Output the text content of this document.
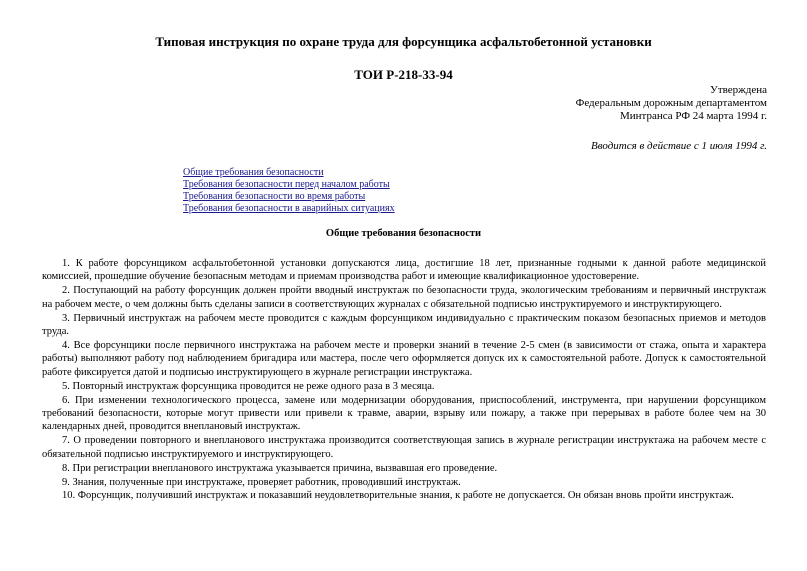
Типовая инструкция по охране труда для форсунщика асфальтобетонной установки
ТОИ Р-218-33-94
Утверждена
Федеральным дорожным департаментом
Минтранса РФ 24 марта 1994 г.
Вводится в действие с 1 июля 1994 г.
Общие требования безопасности
Требования безопасности перед началом работы
Требования безопасности во время работы
Требования безопасности в аварийных ситуациях
Общие требования безопасности

1. К работе форсунщиком асфальтобетонной установки допускаются лица, достигшие 18 лет, признанные годными к данной работе медицинской комиссией, прошедшие обучение безопасным методам и приемам производства работ и имеющие квалификационное удостоверение.

2. Поступающий на работу форсунщик должен пройти вводный инструктаж по безопасности труда, экологическим требованиям и первичный инструктаж на рабочем месте, о чем должны быть сделаны записи в соответствующих журналах с обязательной подписью инструктируемого и инструктирующего.

3. Первичный инструктаж на рабочем месте проводится с каждым форсунщиком индивидуально с практическим показом безопасных приемов и методов труда.

4. Все форсунщики после первичного инструктажа на рабочем месте и проверки знаний в течение 2-5 смен (в зависимости от стажа, опыта и характера работы) выполняют работу под наблюдением бригадира или мастера, после чего оформляется допуск их к самостоятельной работе. Допуск к самостоятельной работе фиксируется датой и подписью инструктирующего в журнале регистрации инструктажа.

5. Повторный инструктаж форсунщика проводится не реже одного раза в 3 месяца.

6. При изменении технологического процесса, замене или модернизации оборудования, приспособлений, инструмента, при нарушении форсунщиком требований безопасности, которые могут привести или привели к травме, аварии, взрыву или пожару, а также при перерывах в работе более чем на 30 календарных дней, проводится внеплановый инструктаж.

7. О проведении повторного и внепланового инструктажа производится соответствующая запись в журнале регистрации инструктажа на рабочем месте с обязательной подписью инструктируемого и инструктирующего.

8. При регистрации внепланового инструктажа указывается причина, вызвавшая его проведение.

9. Знания, полученные при инструктаже, проверяет работник, проводивший инструктаж.

10. Форсунщик, получивший инструктаж и показавший неудовлетворительные знания, к работе не допускается. Он обязан вновь пройти инструктаж.
